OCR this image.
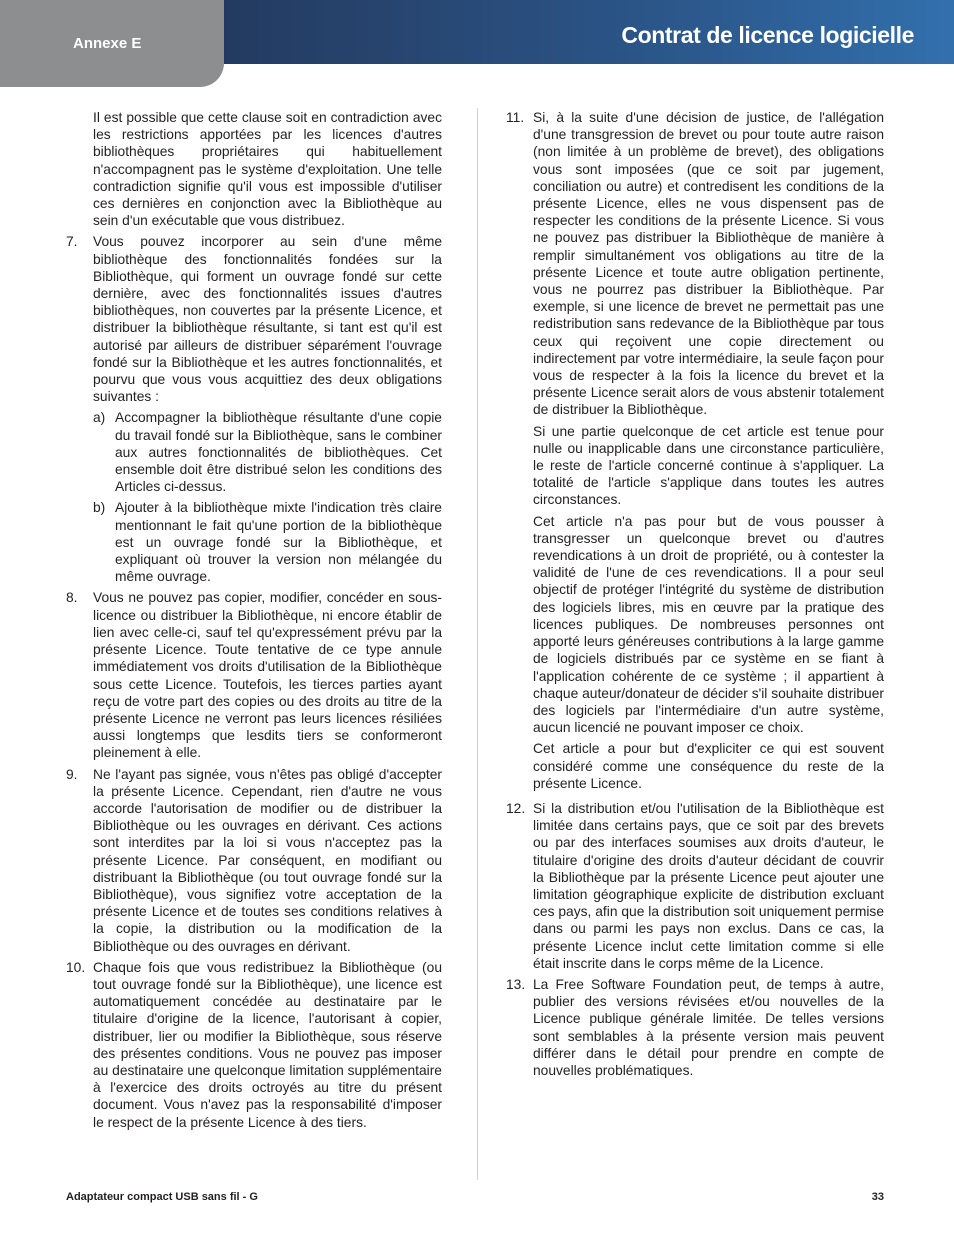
Annexe E	Contrat de licence logicielle

Il est possible que cette clause soit en contradiction avec les restrictions apportées par les licences d'autres bibliothèques propriétaires qui habituellement n'accompagnent pas le système d'exploitation. Une telle contradiction signifie qu'il vous est impossible d'utiliser ces dernières en conjonction avec la Bibliothèque au sein d'un exécutable que vous distribuez.

7.	Vous pouvez incorporer au sein d'une même bibliothèque des fonctionnalités fondées sur la Bibliothèque, qui forment un ouvrage fondé sur cette dernière, avec des fonctionnalités issues d'autres bibliothèques, non couvertes par la présente Licence, et distribuer la bibliothèque résultante, si tant est qu'il est autorisé par ailleurs de distribuer séparément l'ouvrage fondé sur la Bibliothèque et les autres fonctionnalités, et pourvu que vous vous acquittiez des deux obligations suivantes :
a) Accompagner la bibliothèque résultante d'une copie du travail fondé sur la Bibliothèque, sans le combiner aux autres fonctionnalités de bibliothèques. Cet ensemble doit être distribué selon les conditions des Articles ci-dessus.
b) Ajouter à la bibliothèque mixte l'indication très claire mentionnant le fait qu'une portion de la bibliothèque est un ouvrage fondé sur la Bibliothèque, et expliquant où trouver la version non mélangée du même ouvrage.
8.	Vous ne pouvez pas copier, modifier, concéder en sous-licence ou distribuer la Bibliothèque, ni encore établir de lien avec celle-ci, sauf tel qu'expressément prévu par la présente Licence. Toute tentative de ce type annule immédiatement vos droits d'utilisation de la Bibliothèque sous cette Licence. Toutefois, les tierces parties ayant reçu de votre part des copies ou des droits au titre de la présente Licence ne verront pas leurs licences résiliées aussi longtemps que lesdits tiers se conformeront pleinement à elle.
9.	Ne l'ayant pas signée, vous n'êtes pas obligé d'accepter la présente Licence. Cependant, rien d'autre ne vous accorde l'autorisation de modifier ou de distribuer la Bibliothèque ou les ouvrages en dérivant. Ces actions sont interdites par la loi si vous n'acceptez pas la présente Licence. Par conséquent, en modifiant ou distribuant la Bibliothèque (ou tout ouvrage fondé sur la Bibliothèque), vous signifiez votre acceptation de la présente Licence et de toutes ses conditions relatives à la copie, la distribution ou la modification de la Bibliothèque ou des ouvrages en dérivant.
10. Chaque fois que vous redistribuez la Bibliothèque (ou tout ouvrage fondé sur la Bibliothèque), une licence est automatiquement concédée au destinataire par le titulaire d'origine de la licence, l'autorisant à copier, distribuer, lier ou modifier la Bibliothèque, sous réserve des présentes conditions. Vous ne pouvez pas imposer au destinataire une quelconque limitation supplémentaire à l'exercice des droits octroyés au titre du présent document. Vous n'avez pas la responsabilité d'imposer le respect de la présente Licence à des tiers.
11. Si, à la suite d'une décision de justice, de l'allégation d'une transgression de brevet ou pour toute autre raison (non limitée à un problème de brevet), des obligations vous sont imposées (que ce soit par jugement, conciliation ou autre) et contredisent les conditions de la présente Licence, elles ne vous dispensent pas de respecter les conditions de la présente Licence. Si vous ne pouvez pas distribuer la Bibliothèque de manière à remplir simultanément vos obligations au titre de la présente Licence et toute autre obligation pertinente, vous ne pourrez pas distribuer la Bibliothèque. Par exemple, si une licence de brevet ne permettait pas une redistribution sans redevance de la Bibliothèque par tous ceux qui reçoivent une copie directement ou indirectement par votre intermédiaire, la seule façon pour vous de respecter à la fois la licence du brevet et la présente Licence serait alors de vous abstenir totalement de distribuer la Bibliothèque.
Si une partie quelconque de cet article est tenue pour nulle ou inapplicable dans une circonstance particulière, le reste de l'article concerné continue à s'appliquer. La totalité de l'article s'applique dans toutes les autres circonstances.
Cet article n'a pas pour but de vous pousser à transgresser un quelconque brevet ou d'autres revendications à un droit de propriété, ou à contester la validité de l'une de ces revendications. Il a pour seul objectif de protéger l'intégrité du système de distribution des logiciels libres, mis en œuvre par la pratique des licences publiques. De nombreuses personnes ont apporté leurs généreuses contributions à la large gamme de logiciels distribués par ce système en se fiant à l'application cohérente de ce système ; il appartient à chaque auteur/donateur de décider s'il souhaite distribuer des logiciels par l'intermédiaire d'un autre système, aucun licencié ne pouvant imposer ce choix.
Cet article a pour but d'expliciter ce qui est souvent considéré comme une conséquence du reste de la présente Licence.
12. Si la distribution et/ou l'utilisation de la Bibliothèque est limitée dans certains pays, que ce soit par des brevets ou par des interfaces soumises aux droits d'auteur, le titulaire d'origine des droits d'auteur décidant de couvrir la Bibliothèque par la présente Licence peut ajouter une limitation géographique explicite de distribution excluant ces pays, afin que la distribution soit uniquement permise dans ou parmi les pays non exclus. Dans ce cas, la présente Licence inclut cette limitation comme si elle était inscrite dans le corps même de la Licence.
13. La Free Software Foundation peut, de temps à autre, publier des versions révisées et/ou nouvelles de la Licence publique générale limitée. De telles versions sont semblables à la présente version mais peuvent différer dans le détail pour prendre en compte de nouvelles problématiques.
Adaptateur compact USB sans fil - G	33
